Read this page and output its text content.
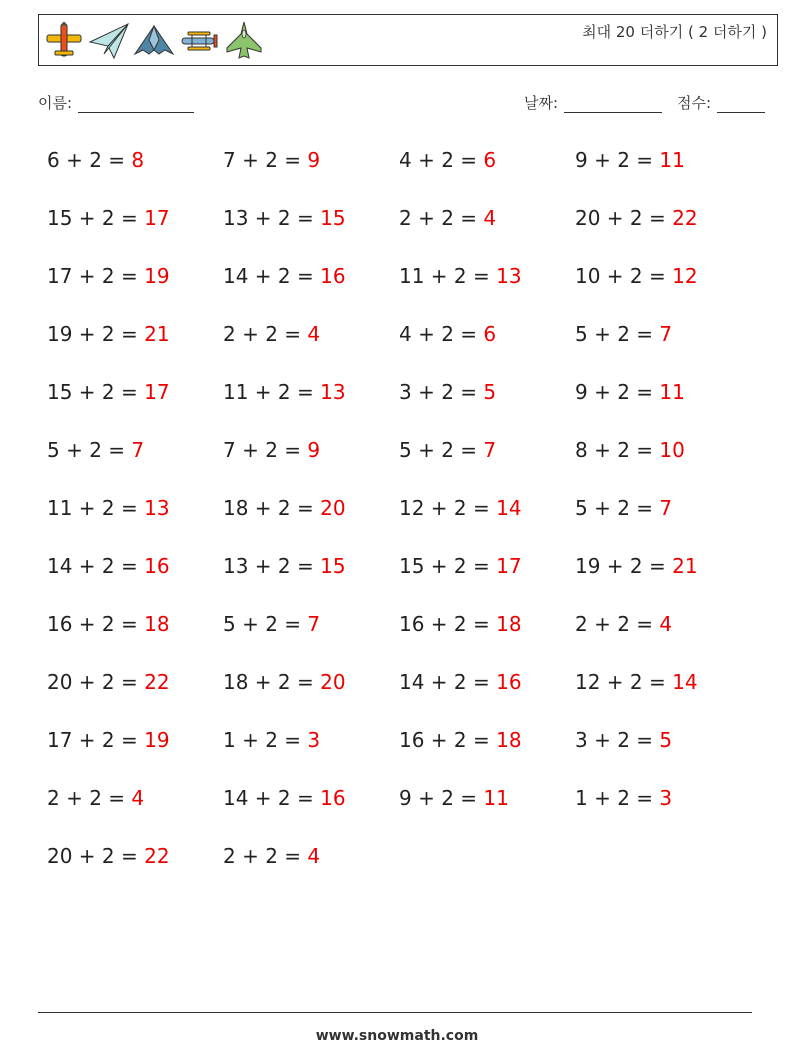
최대 20 더하기 ( 2 더하기 )
이름:	날짜:	점수:
6 + 2 = 8	7 + 2 = 9	4 + 2 = 6	9 + 2 = 11
15 + 2 = 17	13 + 2 = 15	2 + 2 = 4	20 + 2 = 22
17 + 2 = 19	14 + 2 = 16	11 + 2 = 13	10 + 2 = 12
19 + 2 = 21	2 + 2 = 4	4 + 2 = 6	5 + 2 = 7
15 + 2 = 17	11 + 2 = 13	3 + 2 = 5	9 + 2 = 11
5 + 2 = 7	7 + 2 = 9	5 + 2 = 7	8 + 2 = 10
11 + 2 = 13	18 + 2 = 20	12 + 2 = 14	5 + 2 = 7
14 + 2 = 16	13 + 2 = 15	15 + 2 = 17	19 + 2 = 21
16 + 2 = 18	5 + 2 = 7	16 + 2 = 18	2 + 2 = 4
20 + 2 = 22	18 + 2 = 20	14 + 2 = 16	12 + 2 = 14
17 + 2 = 19	1 + 2 = 3	16 + 2 = 18	3 + 2 = 5
2 + 2 = 4	14 + 2 = 16	9 + 2 = 11	1 + 2 = 3
20 + 2 = 22	2 + 2 = 4
www.snowmath.com
